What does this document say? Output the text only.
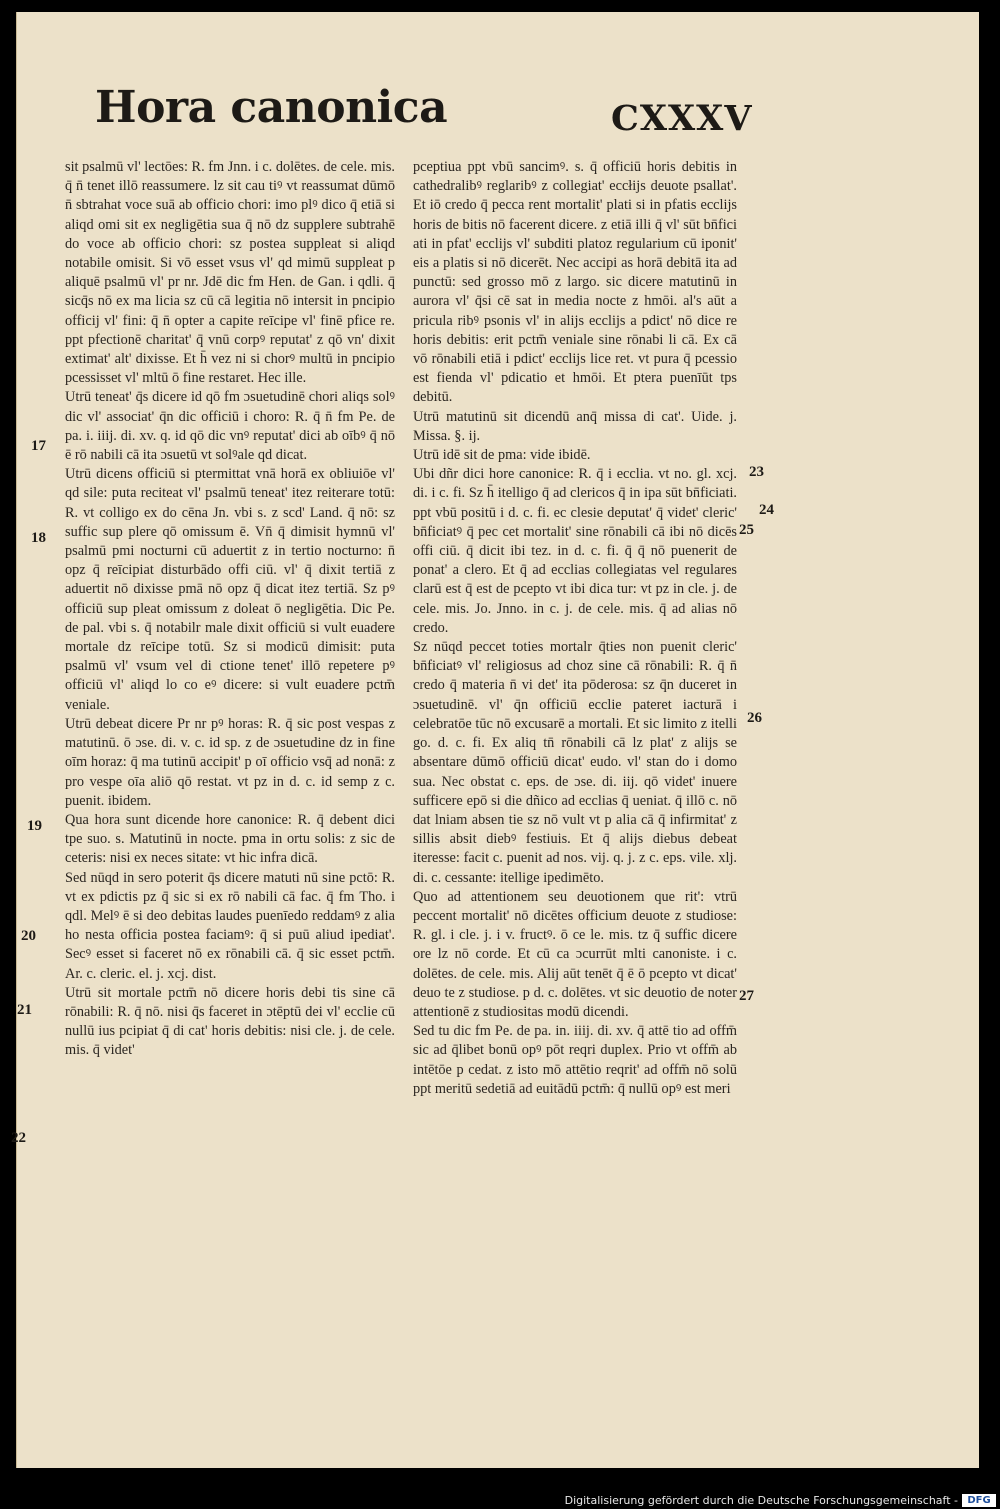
Hora canonica	CXXXV

sit psalmū vl' lectōes: R. fm Jnn. i c. dolētes. de cele. mis. q̄ n̄ tenet illō reassumere. lz sit cau tiꝰ vt reassumat dūmō n̄ sbtrahat voce suā ab officio chori: imo plꝰ dico q̄ etiā si aliqd omi sit ex negligētia sua q̄ nō dz supplere subtrahē do voce ab officio chori: sz postea suppleat si aliqd notabile omisit. Si vō esset vsus vl' qd mimū suppleat p aliquē psalmū vl' pr nr. Jdē dic fm Hen. de Gan. i qdli. q̄ sicq̄s nō ex ma licia sz cū cā legitia nō intersit in pncipio officij vl' fini: q̄ n̄ opter a capite reīcipe vl' finē pfice re. ppt pfectionē charitat' q̄ vnū corpꝰ reputat' z qō vn' dixit extimat' alt' dixisse. Et h̄ vez ni si chorꝰ multū in pncipio pcessisset vl' mltū ō fine restaret. Hec ille.

Utrū teneat' q̄s dicere id qō fm ɔsuetudinē chori aliqs solꝰ dic vl' associat' q̄n dic officiū i choro: R. q̄ n̄ fm Pe. de pa. i. iiij. di. xv. q. id qō dic vnꝰ reputat' dici ab oībꝰ q̄ nō ē rō nabili cā ita ɔsuetū vt solꝰale qd dicat.

Utrū dicens officiū si ptermittat vnā horā ex obliuiōe vl' qd sile: puta reciteat vl' psalmū teneat' itez reiterare totū: R. vt colligo ex do cēna Jn. vbi s. z scd' Land. q̄ nō: sz suffic sup plere qō omissum ē. Vn̄ q̄ dimisit hymnū vl' psalmū pmi nocturni cū aduertit z in tertio nocturno: n̄ opz q̄ reīcipiat disturbādo offi ciū. vl' q̄ dixit tertiā z aduertit nō dixisse pmā nō opz q̄ dicat itez tertiā. Sz pꝰ officiū sup pleat omissum z doleat ō negligētia. Dic Pe. de pal. vbi s. q̄ notabilr male dixit officiū si vult euadere mortale dz reīcipe totū. Sz si modicū dimisit: puta psalmū vl' vsum vel di ctione tenet' illō repetere pꝰ officiū vl' aliqd lo co eꝰ dicere: si vult euadere pctm̄ veniale.

Utrū debeat dicere Pr nr pꝰ horas: R. q̄ sic post vespas z matutinū. ō ɔse. di. v. c. id sp. z de ɔsuetudine dz in fine oīm horaz: q̄ ma tutinū accipit' p oī officio vsq̄ ad nonā: z pro vespe oīa aliō qō restat. vt pz in d. c. id semp z c. puenit. ibidem.

Qua hora sunt dicende hore canonice: R. q̄ debent dici tpe suo. s. Matutinū in nocte. pma in ortu solis: z sic de ceteris: nisi ex neces sitate: vt hic infra dicā.

Sed nūqd in sero poterit q̄s dicere matuti nū sine pctō: R. vt ex pdictis pz q̄ sic si ex rō nabili cā fac. q̄ fm Tho. i qdl. Melꝰ ē si deo debitas laudes puenīedo reddamꝰ z alia ho nesta officia postea faciamꝰ: q̄ si puū aliud ipediat'. Secꝰ esset si faceret nō ex rōnabili cā. q̄ sic esset pctm̄. Ar. c. cleric. el. j. xcj. dist.

Utrū sit mortale pctm̄ nō dicere horis debi tis sine cā rōnabili: R. q̄ nō. nisi q̄s faceret in ɔtēptū dei vl' ecclie cū nullū ius pcipiat q̄ di cat' horis debitis: nisi cle. j. de cele. mis. q̄ videt'

pceptiua ppt vbū sancimꝰ. s. q̄ officiū horis debitis in cathedralibꝰ reglaribꝰ z collegiat' eccłijs deuote psallat'. Et iō credo q̄ pecca rent mortalit' plati si in pfatis ecclijs horis de bitis nō facerent dicere. z etiā illi q̄ vl' sūt bn̄fici ati in pfat' ecclijs vl' subditi platoz regularium cū iponit' eis a platis si nō dicerēt. Nec accipi as horā debitā ita ad punctū: sed grosso mō z largo. sic dicere matutinū in aurora vl' q̄si cē sat in media nocte z hmōi. al's aūt a pricula ribꝰ psonis vl' in alijs ecclijs a pdict' nō dice re horis debitis: erit pctm̄ veniale sine rōnabi li cā. Ex cā vō rōnabili etiā i pdict' ecclijs lice ret. vt pura q̄ pcessio est fienda vl' pdicatio et hmōi. Et ptera puenīūt tps debitū.

Utrū matutinū sit dicendū anq̄ missa di cat'. Uide. j. Missa. §. ij.

Utrū idē sit de pma: vide ibidē.

Ubi dñr dici hore canonice: R. q̄ i ecclia. vt no. gl. xcj. di. i c. fi. Sz h̄ itelligo q̄ ad clericos q̄ in ipa sūt bn̄ficiati. ppt vbū positū i d. c. fi. ec clesie deputat' q̄ videt' cleric' bn̄ficiatꝰ q̄ pec cet mortalit' sine rōnabili cā ibi nō dicēs offi ciū. q̄ dicit ibi tez. in d. c. fi. q̄ q̄ nō puenerit de ponat' a clero. Et q̄ ad ecclias collegiatas vel regulares clarū est q̄ est de pcepto vt ibi dica tur: vt pz in cle. j. de cele. mis. Jo. Jnno. in c. j. de cele. mis. q̄ ad alias nō credo.

Sz nūqd peccet toties mortalr q̄ties non puenit cleric' bn̄ficiatꝰ vl' religiosus ad choz sine cā rōnabili: R. q̄ n̄ credo q̄ materia n̄ vi det' ita pōderosa: sz q̄n duceret in ɔsuetudinē. vl' q̄n officiū ecclie pateret iacturā i celebratōe tūc nō excusarē a mortali. Et sic limito z itelli go. d. c. fi. Ex aliq tn̄ rōnabili cā lz plat' z alijs se absentare dūmō officiū dicat' eudo. vl' stan do i domo sua. Nec obstat c. eps. de ɔse. di. iij. qō videt' inuere sufficere epō si die dñico ad ecclias q̄ ueniat. q̄ illō c. nō dat lniam absen tie sz nō vult vt p alia cā q̄ infirmitat' z sillis absit diebꝰ festiuis. Et q̄ alijs diebus debeat iteresse: facit c. puenit ad nos. vij. q. j. z c. eps. vile. xlj. di. c. cessante: itellige ipedimēto.

Quo ad attentionem seu deuotionem que rit': vtrū peccent mortalit' nō dicētes officium deuote z studiose: R. gl. i cle. j. i v. fructꝰ. ō ce le. mis. tz q̄ suffic dicere ore lz nō corde. Et cū ca ɔcurrūt mlti canoniste. i c. dolētes. de cele. mis. Alij aūt tenēt q̄ ē ō pcepto vt dicat' deuo te z studiose. p d. c. dolētes. vt sic deuotio de noter attentionē z studiositas modū dicendi.

Sed tu dic fm Pe. de pa. in. iiij. di. xv. q̄ attē tio ad offm̄ sic ad q̄libet bonū opꝰ pōt reqri duplex. Prio vt offm̄ ab intētōe p cedat. z isto mō attētio reqrit' ad offm̄ nō solū ppt meritū sedetiā ad euitādū pctm̄: q̄ nullū opꝰ est meri

17
18
19
20
21
22
23
24
25
26
27
Digitalisierung gefördert durch die Deutsche Forschungsgemeinschaft - DFG
